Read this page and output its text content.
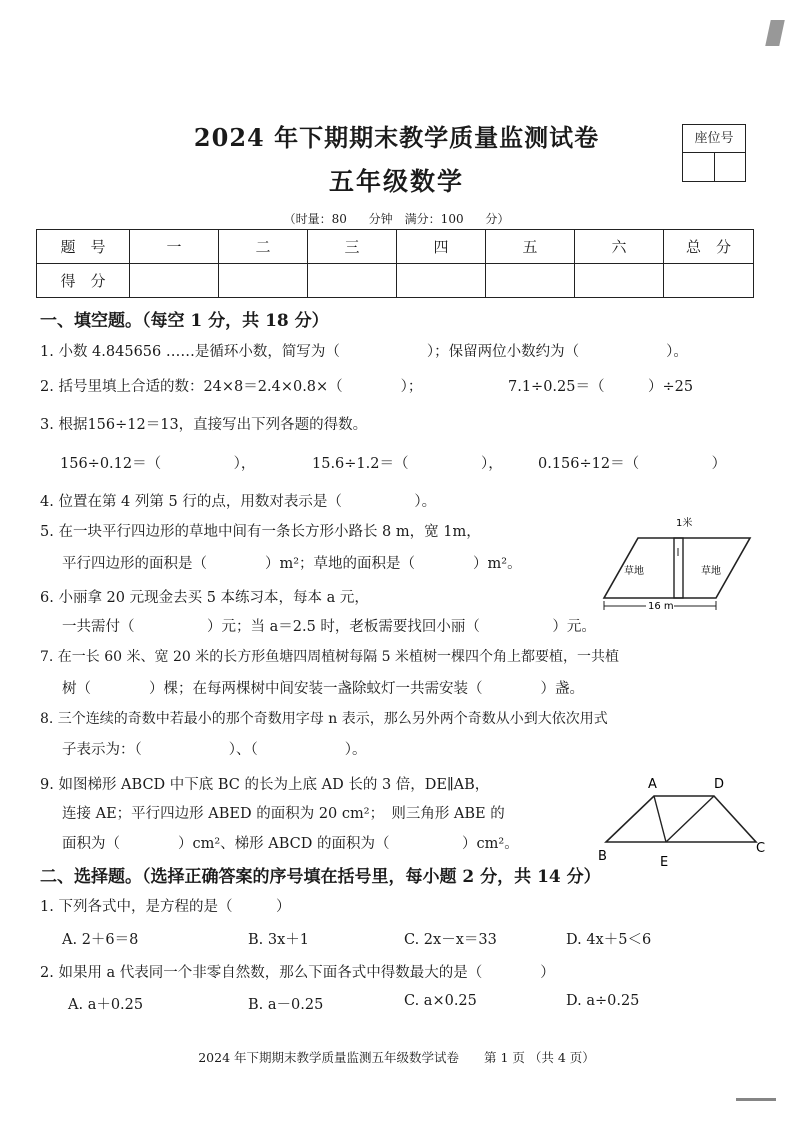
2024 年下期期末教学质量监测试卷
五年级数学
（时量：80 分钟　满分：100 分）
座位号
题　号	一	二	三	四	五	六	总　分
得　分							
一、填空题。（每空 1 分，共 18 分）
1. 小数 4.845656 ……是循环小数，简写为（　　　　　　）；保留两位小数约为（　　　　　　）。
2. 括号里填上合适的数：24×8＝2.4×0.8×（　　　　）；	7.1÷0.25＝（　　　）÷25
3. 根据156÷12＝13，直接写出下列各题的得数。
156÷0.12＝（　　　　　），	15.6÷1.2＝（　　　　　）， 0.156÷12＝（　　　　　）
4. 位置在第 4 列第 5 行的点，用数对表示是（　　　　　）。
5. 在一块平行四边形的草地中间有一条长方形小路长 8 m，宽 1m，
平行四边形的面积是（　　　　）m²；草地的面积是（　　　　）m²。
6. 小丽拿 20 元现金去买 5 本练习本，每本 a 元，
一共需付（　　　　　）元；当 a＝2.5 时，老板需要找回小丽（　　　　　）元。
7. 在一长 60 米、宽 20 米的长方形鱼塘四周植树每隔 5 米植树一棵四个角上都要植，一共植
树（　　　　）棵；在每两棵树中间安装一盏除蚊灯一共需安装（　　　　）盏。
8. 三个连续的奇数中若最小的那个奇数用字母 n 表示，那么另外两个奇数从小到大依次用式
子表示为：（　　　　　　）、（　　　　　　）。
9. 如图梯形 ABCD 中下底 BC 的长为上底 AD 长的 3 倍，DE∥AB，
连接 AE；平行四边形 ABED 的面积为 20 cm²；　则三角形 ABE 的
面积为（　　　　）cm²、梯形 ABCD 的面积为（　　　　　）cm²。
1米
草地	草地
16 m
A	D
B	E
C
二、选择题。（选择正确答案的序号填在括号里，每小题 2 分，共 14 分）
1. 下列各式中，是方程的是（　　　）
A. 2＋6＝8	B. 3x＋1	C. 2x－x＝33	D. 4x＋5＜6
2. 如果用 a 代表同一个非零自然数，那么下面各式中得数最大的是（　　　　）
A. a＋0.25	B. a－0.25	C. a×0.25	D. a÷0.25
2024 年下期期末教学质量监测五年级数学试卷　　第 1 页 （共 4 页）
